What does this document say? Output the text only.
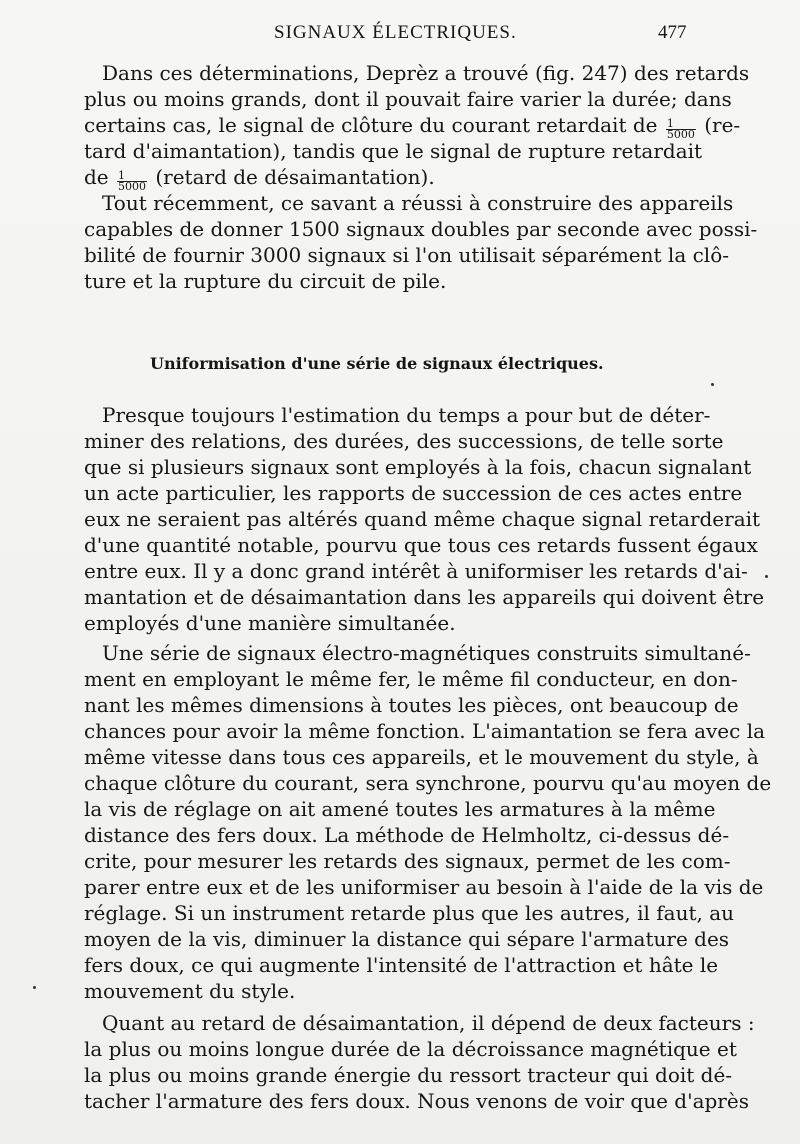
SIGNAUX ÉLECTRIQUES.	477
Dans ces déterminations, Deprèz a trouvé (fig. 247) des retards
plus ou moins grands, dont il pouvait faire varier la durée; dans
certains cas, le signal de clôture du courant retardait de $\frac{1}{5000} (re-$
tard d'aimantation), tandis que le signal de rupture retardait
de $\frac{1}{5000}$ (retard de désaimantation).
Tout récemment, ce savant a réussi à construire des appareils
capables de donner 1500 signaux doubles par seconde avec possi-
bilité de fournir 3000 signaux si l'on utilisait séparément la clô-
ture et la rupture du circuit de pile.
Uniformisation d'une série de signaux électriques.
Presque toujours l'estimation du temps a pour but de déter-
miner des relations, des durées, des successions, de telle sorte
que si plusieurs signaux sont employés à la fois, chacun signalant
un acte particulier, les rapports de succession de ces actes entre
eux ne seraient pas altérés quand même chaque signal retarderait
d'une quantité notable, pourvu que tous ces retards fussent égaux
entre eux. Il y a donc grand intérêt à uniformiser les retards d'ai-
mantation et de désaimantation dans les appareils qui doivent être
employés d'une manière simultanée.
Une série de signaux électro-magnétiques construits simultané-
ment en employant le même fer, le même fil conducteur, en don-
nant les mêmes dimensions à toutes les pièces, ont beaucoup de
chances pour avoir la même fonction. L'aimantation se fera avec la
même vitesse dans tous ces appareils, et le mouvement du style, à
chaque clôture du courant, sera synchrone, pourvu qu'au moyen de
la vis de réglage on ait amené toutes les armatures à la même
distance des fers doux. La méthode de Helmholtz, ci-dessus dé-
crite, pour mesurer les retards des signaux, permet de les com-
parer entre eux et de les uniformiser au besoin à l'aide de la vis de
réglage. Si un instrument retarde plus que les autres, il faut, au
moyen de la vis, diminuer la distance qui sépare l'armature des
fers doux, ce qui augmente l'intensité de l'attraction et hâte le
mouvement du style.
Quant au retard de désaimantation, il dépend de deux facteurs :
la plus ou moins longue durée de la décroissance magnétique et
la plus ou moins grande énergie du ressort tracteur qui doit dé-
tacher l'armature des fers doux. Nous venons de voir que d'après
